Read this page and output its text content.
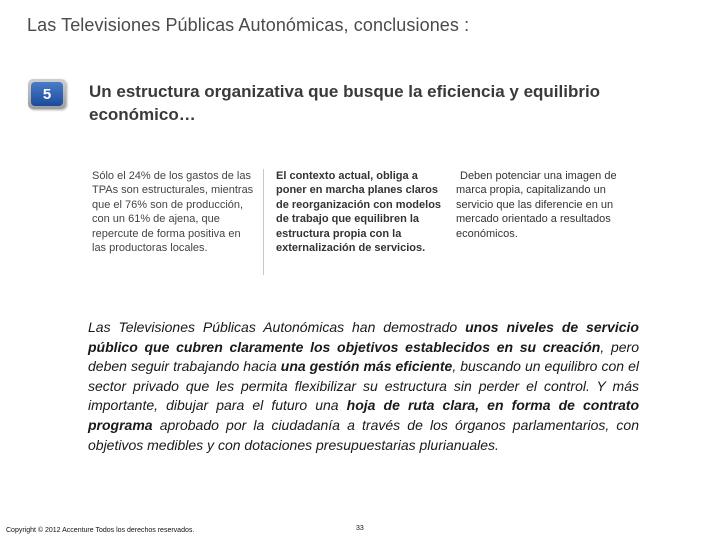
Las Televisiones Públicas Autonómicas, conclusiones :
5	Un estructura organizativa que busque la eficiencia y equilibrio económico…
Sólo el 24% de los gastos de las TPAs son estructurales, mientras que el 76% son de producción, con un 61% de ajena, que repercute de forma positiva en las productoras locales.
El contexto actual, obliga a poner en marcha planes claros de reorganización con modelos de trabajo que equilibren la estructura propia con la externalización de servicios.
Deben potenciar una imagen de marca propia, capitalizando un servicio que las diferencie en un mercado orientado a resultados económicos.
Las Televisiones Públicas Autonómicas han demostrado unos niveles de servicio público que cubren claramente los objetivos establecidos en su creación, pero deben seguir trabajando hacia una gestión más eficiente, buscando un equilibro con el sector privado que les permita flexibilizar su estructura sin perder el control. Y más importante, dibujar para el futuro una hoja de ruta clara, en forma de contrato programa aprobado por la ciudadanía a través de los órganos parlamentarios, con objetivos medibles y con dotaciones presupuestarias plurianuales.
Copyright © 2012 Accenture Todos los derechos reservados.	33
